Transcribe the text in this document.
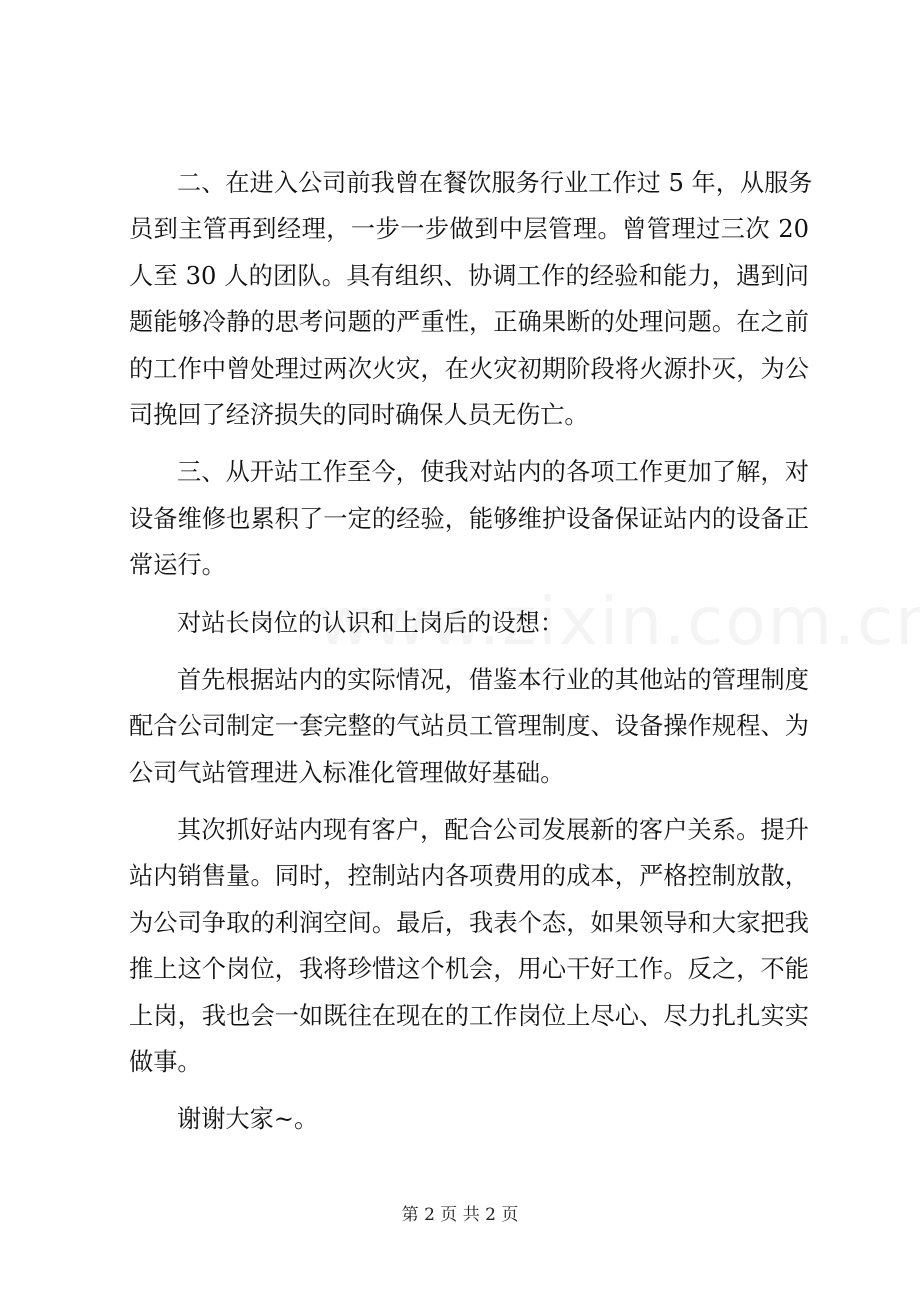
二、在进入公司前我曾在餐饮服务行业工作过 5 年，从服务
员到主管再到经理，一步一步做到中层管理。曾管理过三次 20
人至 30 人的团队。具有组织、协调工作的经验和能力，遇到问
题能够冷静的思考问题的严重性，正确果断的处理问题。在之前
的工作中曾处理过两次火灾，在火灾初期阶段将火源扑灭，为公
司挽回了经济损失的同时确保人员无伤亡。
三、从开站工作至今，使我对站内的各项工作更加了解，对
设备维修也累积了一定的经验，能够维护设备保证站内的设备正
常运行。
对站长岗位的认识和上岗后的设想：
首先根据站内的实际情况，借鉴本行业的其他站的管理制度
配合公司制定一套完整的气站员工管理制度、设备操作规程、为
公司气站管理进入标准化管理做好基础。
其次抓好站内现有客户，配合公司发展新的客户关系。提升
站内销售量。同时，控制站内各项费用的成本，严格控制放散，
为公司争取的利润空间。最后，我表个态，如果领导和大家把我
推上这个岗位，我将珍惜这个机会，用心干好工作。反之，不能
上岗，我也会一如既往在现在的工作岗位上尽心、尽力扎扎实实
做事。
谢谢大家~。
第 2 页 共 2 页
